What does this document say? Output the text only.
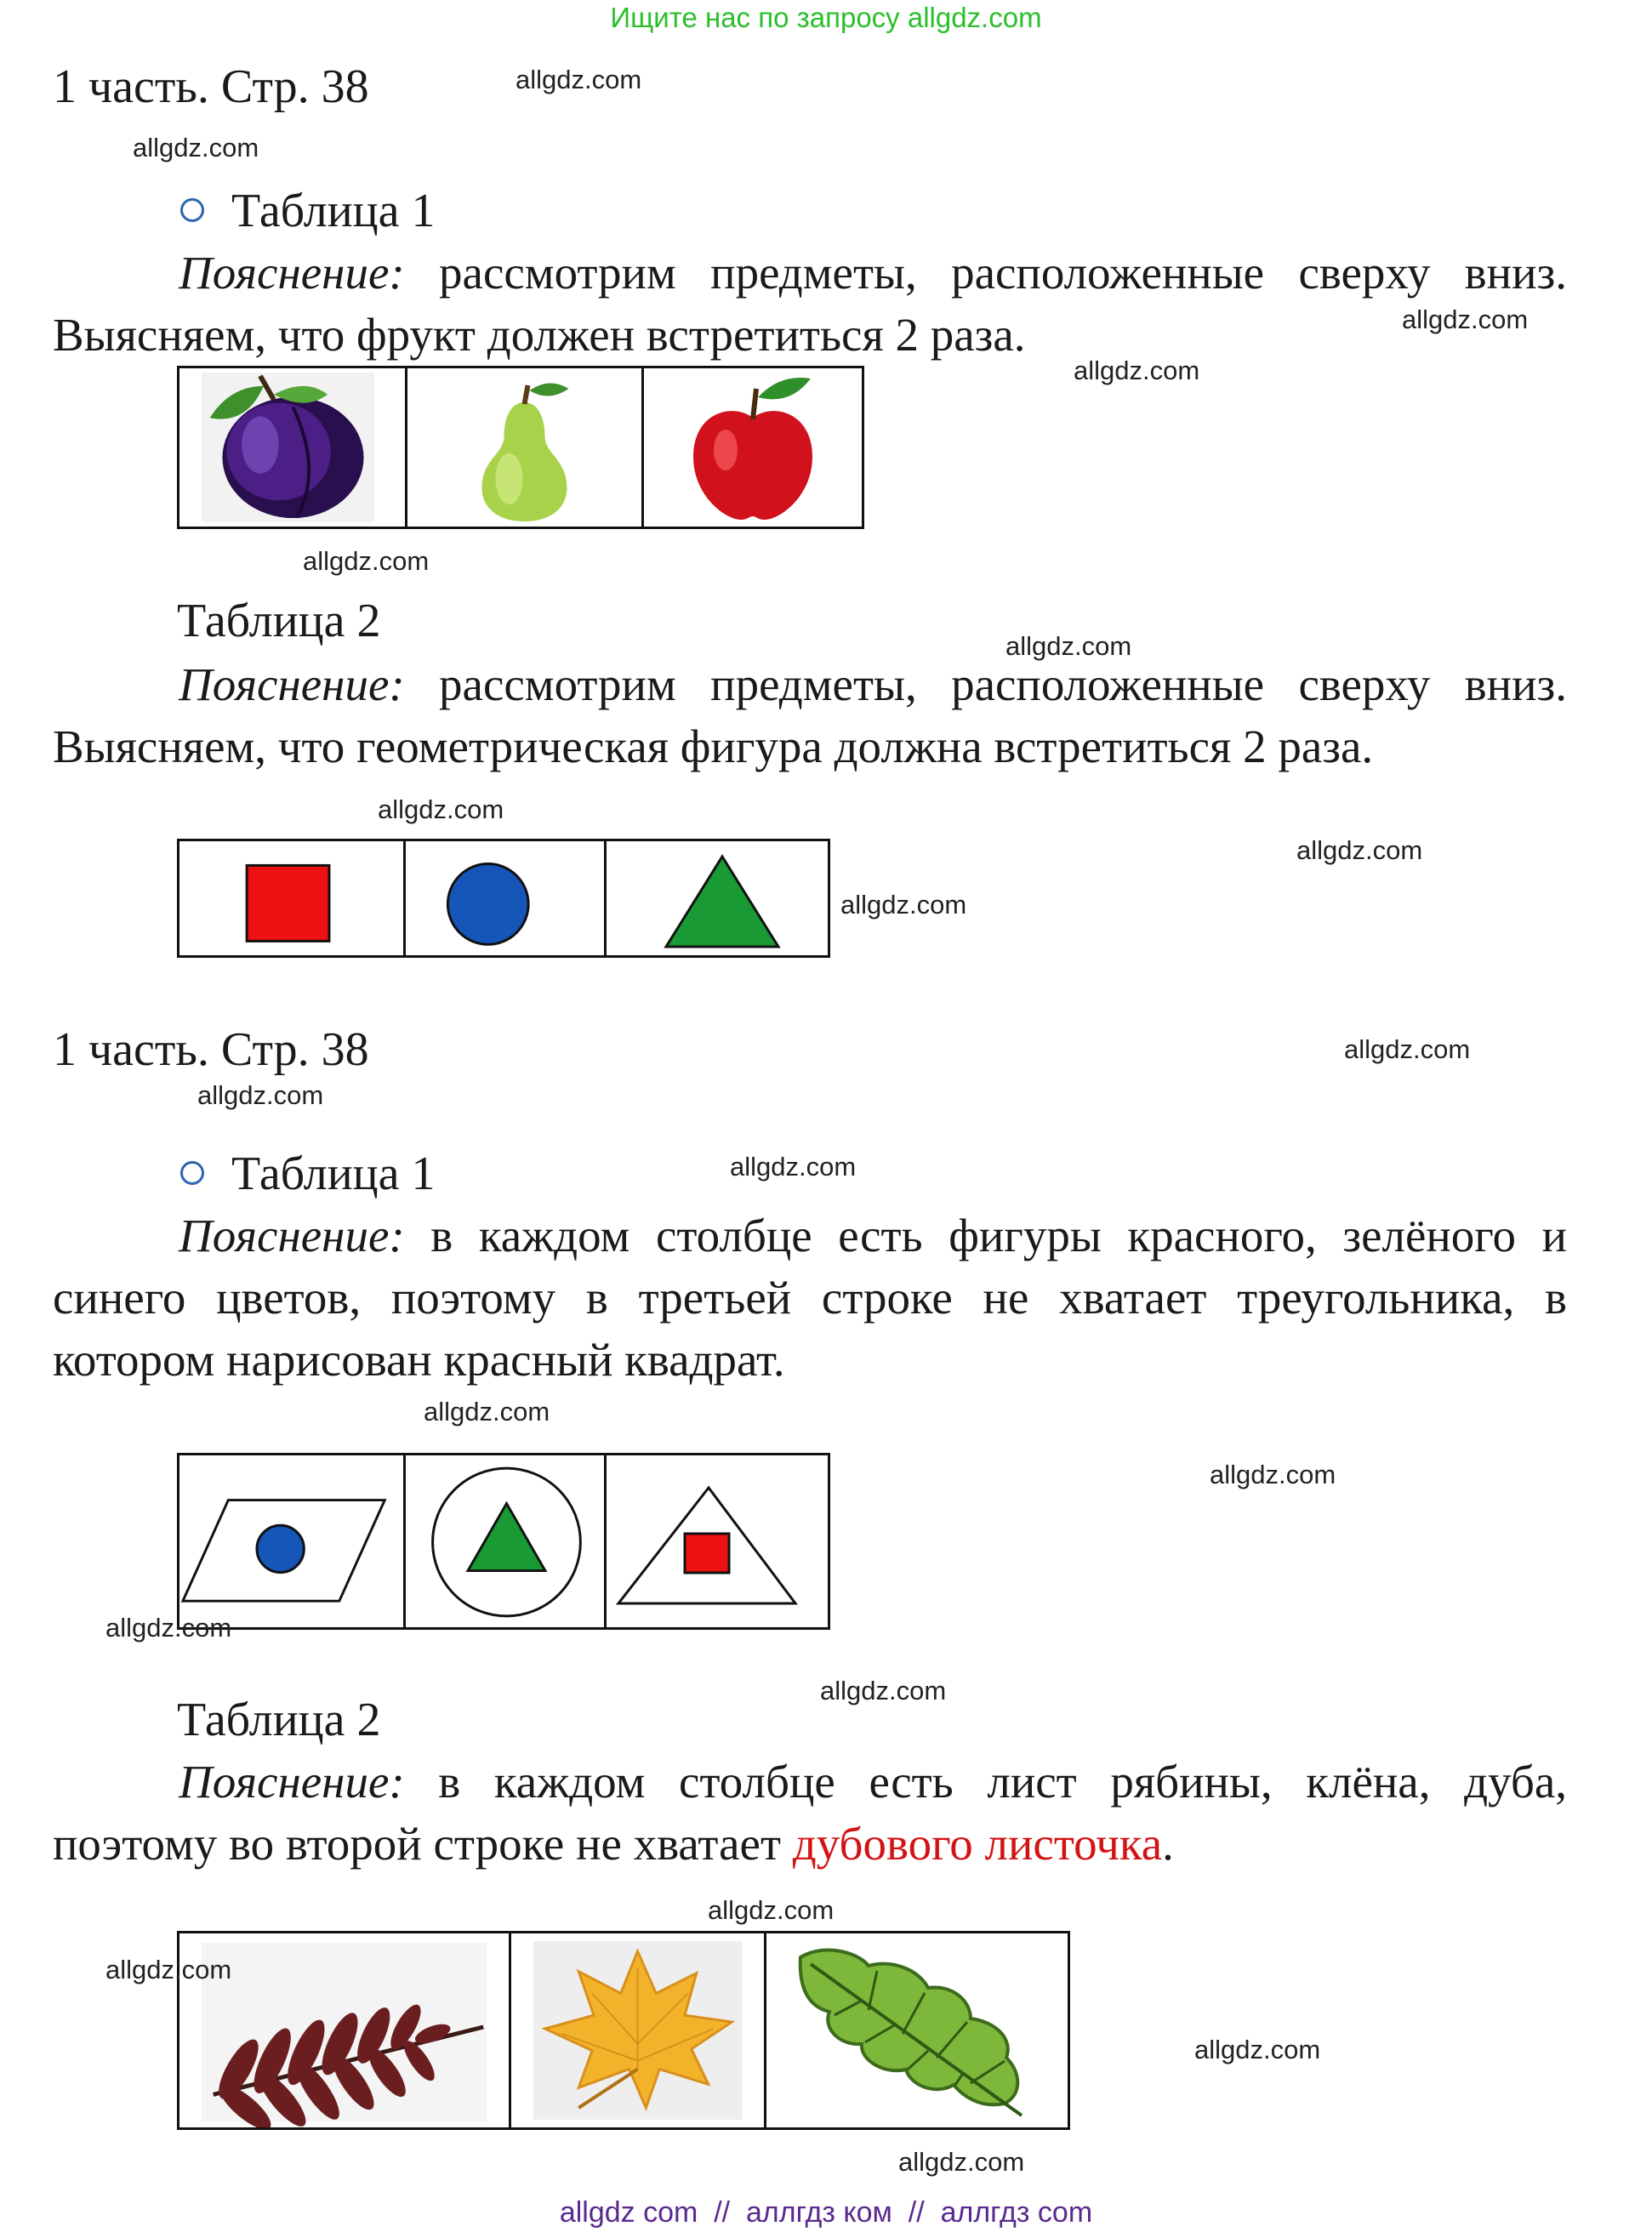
Ищите нас по запросу allgdz.com
1 часть. Стр. 38
Таблица 1
Пояснение: рассмотрим предметы, расположенные сверху вниз. Выясняем, что фрукт должен встретиться 2 раза.
Таблица 2
Пояснение: рассмотрим предметы, расположенные сверху вниз. Выясняем, что геометрическая фигура должна встретиться 2 раза.
1 часть. Стр. 38
Таблица 1
Пояснение: в каждом столбце есть фигуры красного, зелёного и синего цветов, поэтому в третьей строке не хватает треугольника, в котором нарисован красный квадрат.
Таблица 2
Пояснение: в каждом столбце есть лист рябины, клёна, дуба, поэтому во второй строке не хватает дубового листочка.
allgdz.com
allgdz.com
allgdz.com
allgdz.com
allgdz.com
allgdz.com
allgdz.com
allgdz.com
allgdz.com
allgdz.com
allgdz.com
allgdz.com
allgdz.com
allgdz.com
allgdz.com
allgdz.com
allgdz.com
allgdz.com
allgdz.com
allgdz.com
allgdz com  //  аллгдз ком  //  аллгдз com
